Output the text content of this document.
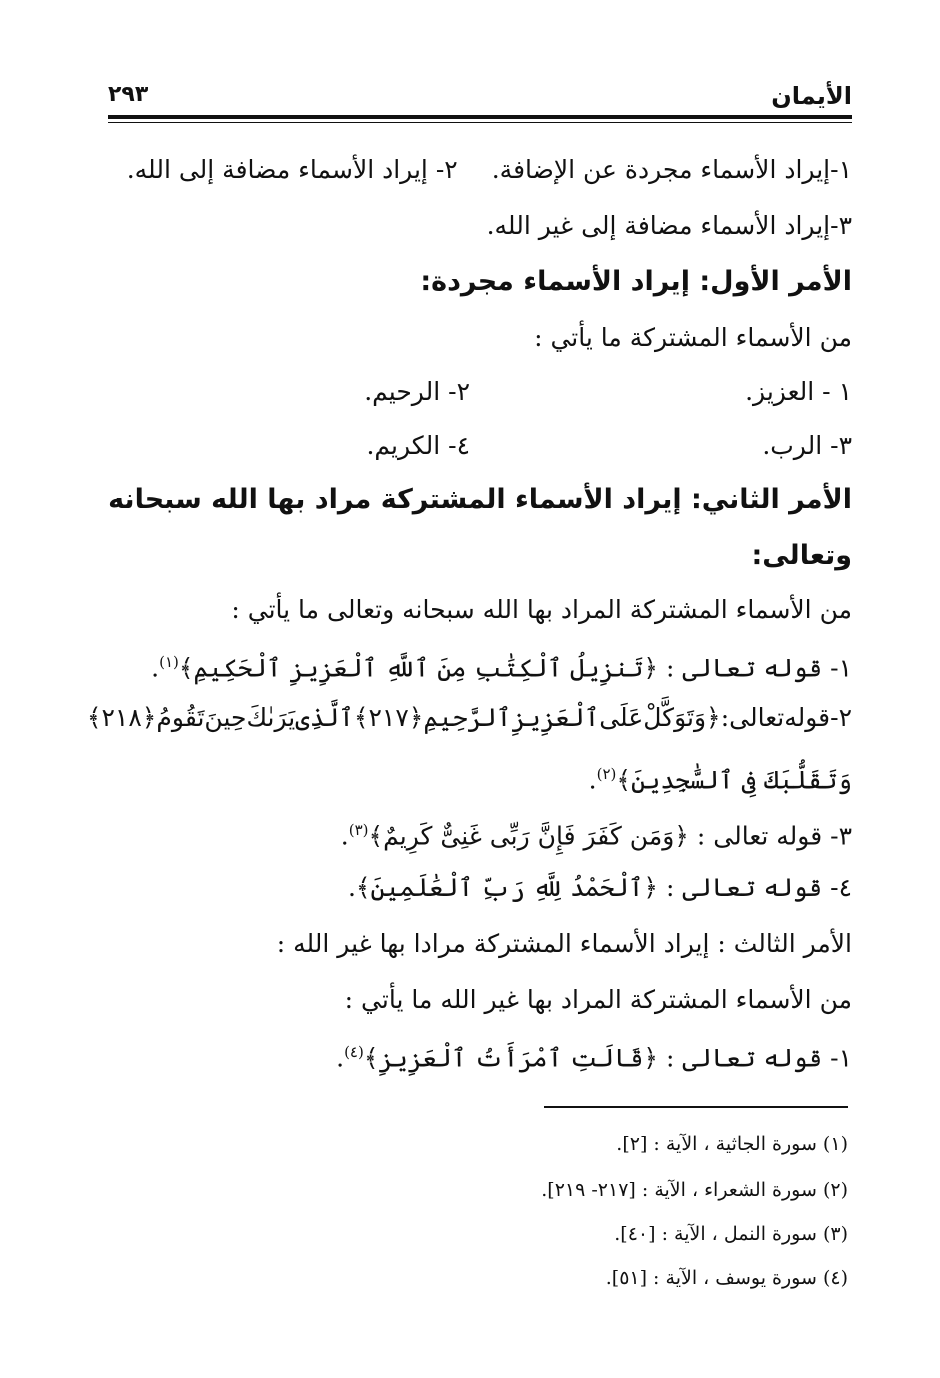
الأيمان
٢٩٣
١-إيراد الأسماء مجردة عن الإضافة.٢- إيراد الأسماء مضافة إلى الله.
٣-إيراد الأسماء مضافة إلى غير الله.
الأمر الأول: إيراد الأسماء مجردة:
من الأسماء المشتركة ما يأتي :
١ - العزيز.
٢- الرحيم.
٣- الرب.
٤- الكريم.
الأمر
الثاني:
إيراد
الأسماء
المشتركة
مراد
بها
الله
سبحانه
وتعالى:
من الأسماء المشتركة المراد بها الله سبحانه وتعالى ما يأتي :
١- قوله تعالى : ﴿تَنزِيلُ ٱلْكِتَٰبِ مِنَ ٱللَّهِ ٱلْعَزِيزِ ٱلْحَكِيمِ﴾$^{(١)}$.
٢-
قوله
تعالى
:
﴿وَتَوَكَّلْ
عَلَى
ٱلْعَزِيزِ
ٱلرَّحِيمِ
﴿٢١٧﴾
ٱلَّذِى
يَرَىٰكَ
حِينَ
تَقُومُ
﴿٢١٨﴾
وَتَقَلُّبَكَ فِى ٱلسَّٰجِدِينَ﴾$^{(٢)}$.
٣- قوله تعالى : ﴿وَمَن كَفَرَ فَإِنَّ رَبِّى غَنِىٌّ كَرِيمٌ﴾$^{(٣)}$.
٤- قوله تعالى : ﴿ٱلْحَمْدُ لِلَّهِ رَبِّ ٱلْعَٰلَمِينَ﴾.
الأمر الثالث : إيراد الأسماء المشتركة مرادا بها غير الله :
من الأسماء المشتركة المراد بها غير الله ما يأتي :
١- قوله تعالى : ﴿قَالَتِ ٱمْرَأَتُ ٱلْعَزِيزِ﴾$^{(٤)}$.
(١) سورة الجاثية ، الآية : [٢].
(٢) سورة الشعراء ، الآية : [٢١٧- ٢١٩].
(٣) سورة النمل ، الآية : [٤٠].
(٤) سورة يوسف ، الآية : [٥١].
